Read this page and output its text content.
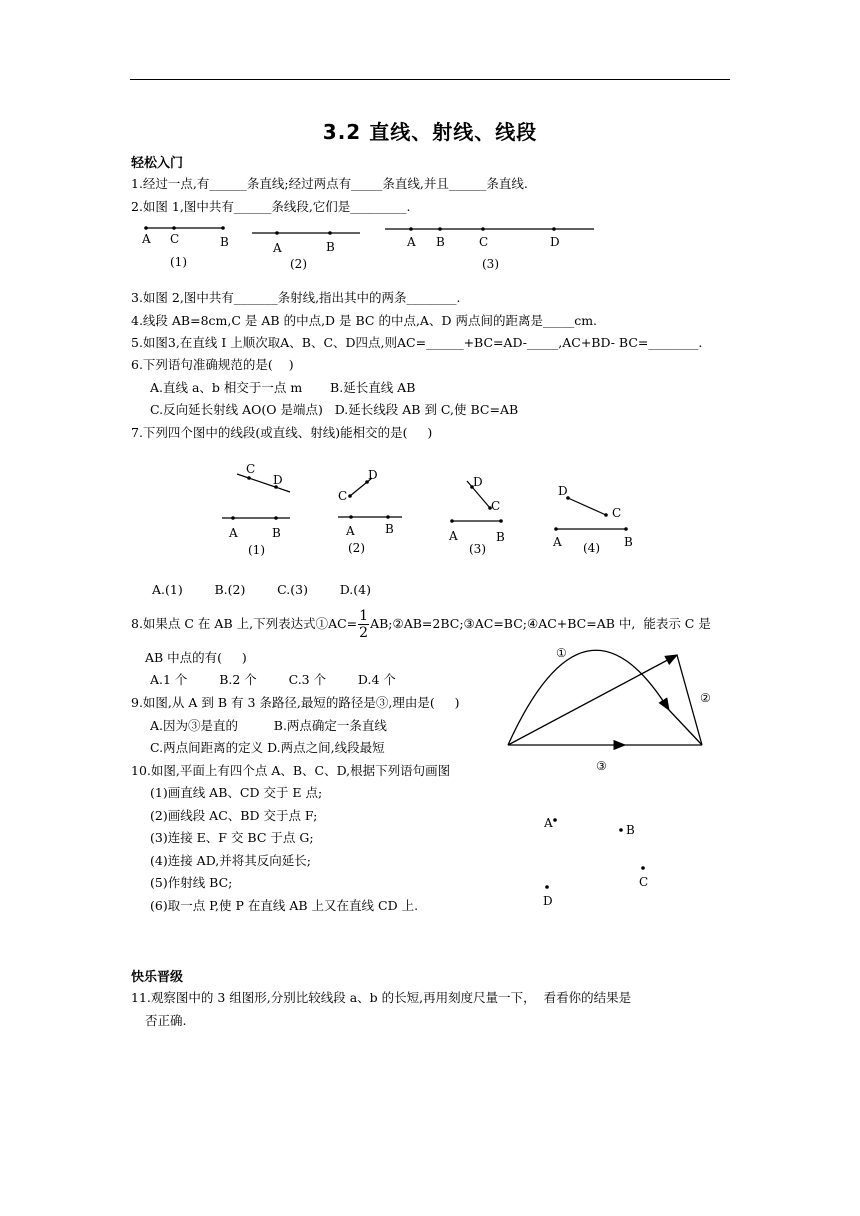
3.2 直线、射线、线段
轻松入门
1.经过一点,有______条直线;经过两点有_____条直线,并且______条直线.
2.如图 1,图中共有______条线段,它们是_________.
A C	B	A	B	A B	C	D
(1)	(2)	(3)
3.如图 2,图中共有_______条射线,指出其中的两条________.
4.线段 AB=8cm,C 是 AB 的中点,D 是 BC 的中点,A、D 两点间的距离是_____cm.
5.如图3,在直线 I 上顺次取A、B、C、D四点,则AC=______+BC=AD-_____,AC+BD- BC=________.
6.下列语句准确规范的是(    )
A.直线 a、b 相交于一点 m       B.延长直线 AB
C.反向延长射线 AO(O 是端点)   D.延长线段 AB 到 C,使 BC=AB
7.下列四个图中的线段(或直线、射线)能相交的是(     )
C
D
A	B
D
C
A	B
D
C
A	B
D
C
A	B
(1)	(2)	(3)	(4)
A.(1)        B.(2)        C.(3)        D.(4)
8.如果点 C 在 AB 上,下列表达式①AC= $\frac{1}{2}$ AB;②AB=2BC;③AC=BC;④AC+BC=AB 中,  能表示 C 是
AB 中点的有(     )
A.1 个        B.2 个        C.3 个        D.4 个
9.如图,从 A 到 B 有 3 条路径,最短的路径是③,理由是(     )
A.因为③是直的         B.两点确定一条直线
C.两点间距离的定义 D.两点之间,线段最短
①
②
③
10.如图,平面上有四个点 A、B、C、D,根据下列语句画图
(1)画直线 AB、CD 交于 E 点;
(2)画线段 AC、BD 交于点 F;
(3)连接 E、F 交 BC 于点 G;
(4)连接 AD,并将其反向延长;
(5)作射线 BC;
(6)取一点 P,使 P 在直线 AB 上又在直线 CD 上.
A	B
C
D
快乐晋级
11.观察图中的 3 组图形,分别比较线段 a、b 的长短,再用刻度尺量一下，  看看你的结果是
否正确.
